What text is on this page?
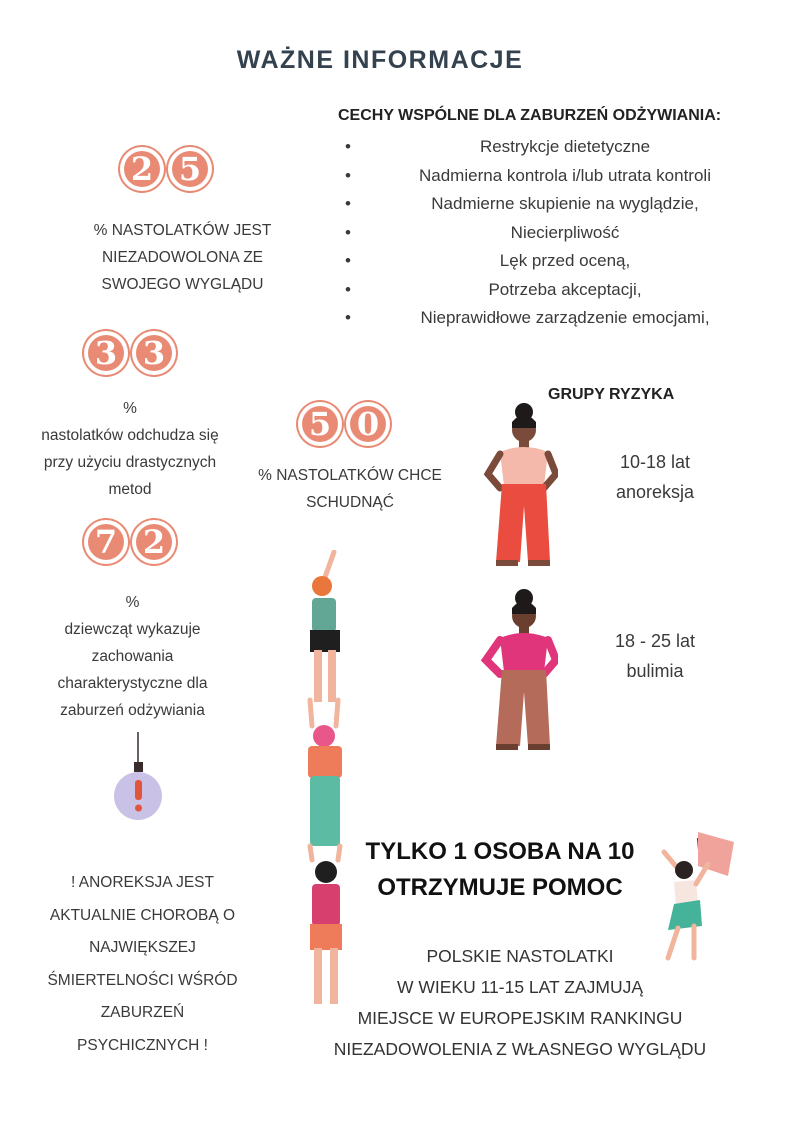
WAŻNE INFORMACJE
2 5
% NASTOLATKÓW JEST
NIEZADOWOLONA ZE
SWOJEGO WYGLĄDU
3 3
%
nastolatków odchudza się
przy użyciu drastycznych
metod
5 0
% NASTOLATKÓW CHCE
SCHUDNĄĆ
7 2
%
dziewcząt wykazuje
zachowania
charakterystyczne dla
zaburzeń odżywiania
CECHY WSPÓLNE DLA ZABURZEŃ ODŻYWIANIA:
• Restrykcje dietetyczne
• Nadmierna kontrola i/lub utrata kontroli
• Nadmierne skupienie na wyglądzie,
• Niecierpliwość
• Lęk przed oceną,
• Potrzeba akceptacji,
• Nieprawidłowe zarządzenie emocjami,
GRUPY RYZYKA
10-18 lat
anoreksja
18 - 25 lat
bulimia
! ANOREKSJA JEST
AKTUALNIE CHOROBĄ O
NAJWIĘKSZEJ
ŚMIERTELNOŚCI WŚRÓD
ZABURZEŃ
PSYCHICZNYCH !
TYLKO 1 OSOBA NA 10
OTRZYMUJE POMOC
POLSKIE NASTOLATKI
W WIEKU 11-15 LAT ZAJMUJĄ
MIEJSCE W EUROPEJSKIM RANKINGU
NIEZADOWOLENIA Z WŁASNEGO WYGLĄDU
